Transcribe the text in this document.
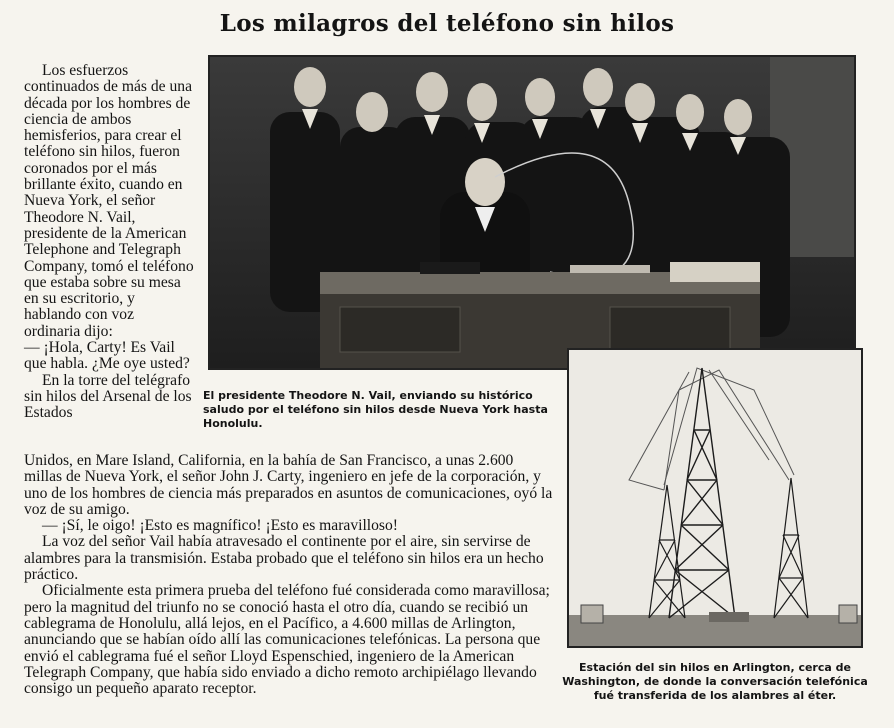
Los milagros del teléfono sin hilos

Los esfuerzos continuados de más de una década por los hombres de ciencia de ambos hemisferios, para crear el teléfono sin hilos, fueron coronados por el más brillante éxito, cuando en Nueva York, el señor Theodore N. Vail, presidente de la American Telephone and Telegraph Company, tomó el teléfono que estaba sobre su mesa en su escritorio, y hablando con voz ordinaria dijo:

— ¡Hola, Carty! Es Vail que habla. ¿Me oye usted?

En la torre del telégrafo sin hilos del Arsenal de los Estados

Unidos, en Mare Island, California, en la bahía de San Francisco, a unas 2.600 millas de Nueva York, el señor John J. Carty, ingeniero en jefe de la corporación, y uno de los hombres de ciencia más preparados en asuntos de comunicaciones, oyó la voz de su amigo.

— ¡Sí, le oigo! ¡Esto es magnífico! ¡Esto es maravilloso!

La voz del señor Vail había atravesado el continente por el aire, sin servirse de alambres para la transmisión. Estaba probado que el teléfono sin hilos era un hecho práctico.

Oficialmente esta primera prueba del teléfono fué considerada como maravillosa; pero la magnitud del triunfo no se conoció hasta el otro día, cuando se recibió un cablegrama de Honolulu, allá lejos, en el Pacífico, a 4.600 millas de Arlington, anunciando que se habían oído allí las comunicaciones telefónicas. La persona que envió el cablegrama fué el señor Lloyd Espenschied, ingeniero de la American Telegraph Company, que había sido enviado a dicho remoto archipiélago llevando consigo un pequeño aparato receptor.

El presidente Theodore N. Vail, enviando su histórico saludo por el teléfono sin hilos desde Nueva York hasta Honolulu.
Estación del sin hilos en Arlington, cerca de Washington, de donde la conversación telefónica fué transferida de los alambres al éter.
